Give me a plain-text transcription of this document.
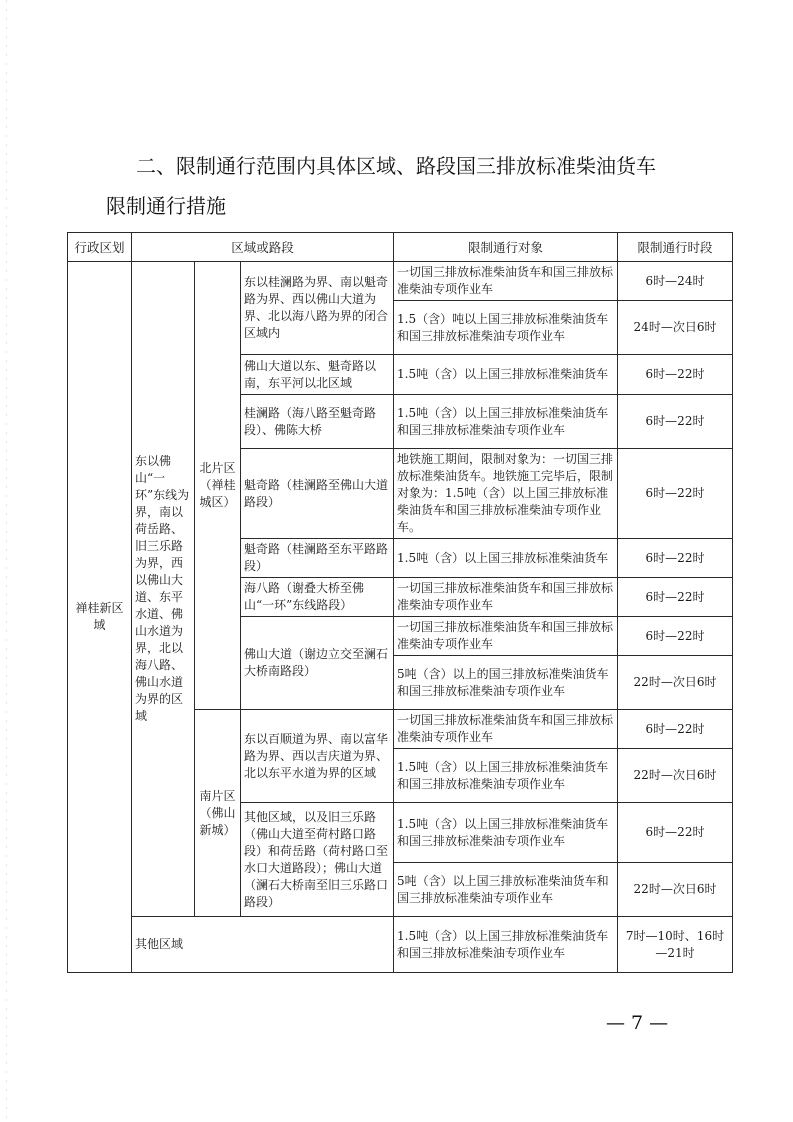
二、限制通行范围内具体区域、路段国三排放标准柴油货车
限制通行措施
行政区划	区域或路段			限制通行对象	限制通行时段
禅桂新区域	东以佛山“一环”东线为界，南以荷岳路、旧三乐路为界，西以佛山大道、东平水道、佛山水道为界，北以海八路、佛山水道为界的区域	北片区（禅桂城区）	东以桂澜路为界、南以魁奇路为界、西以佛山大道为界、北以海八路为界的闭合区域内	一切国三排放标准柴油货车和国三排放标准柴油专项作业车	6时—24时
				1.5（含）吨以上国三排放标准柴油货车和国三排放标准柴油专项作业车	24时—次日6时
			佛山大道以东、魁奇路以南，东平河以北区域	1.5吨（含）以上国三排放标准柴油货车	6时—22时
			桂澜路（海八路至魁奇路段）、佛陈大桥	1.5吨（含）以上国三排放标准柴油货车和国三排放标准柴油专项作业车	6时—22时
			魁奇路（桂澜路至佛山大道路段）	地铁施工期间，限制对象为：一切国三排放标准柴油货车。地铁施工完毕后，限制对象为：1.5吨（含）以上国三排放标准柴油货车和国三排放标准柴油专项作业车。	6时—22时
			魁奇路（桂澜路至东平路路段）	1.5吨（含）以上国三排放标准柴油货车	6时—22时
			海八路（谢叠大桥至佛山“一环”东线路段）	一切国三排放标准柴油货车和国三排放标准柴油专项作业车	6时—22时
			佛山大道（谢边立交至澜石大桥南路段）	一切国三排放标准柴油货车和国三排放标准柴油专项作业车	6时—22时
				5吨（含）以上的国三排放标准柴油货车和国三排放标准柴油专项作业车	22时—次日6时
		南片区（佛山新城）	东以百顺道为界、南以富华路为界、西以吉庆道为界、北以东平水道为界的区域	一切国三排放标准柴油货车和国三排放标准柴油专项作业车	6时—22时
				1.5吨（含）以上国三排放标准柴油货车和国三排放标准柴油专项作业车	22时—次日6时
			其他区域，以及旧三乐路（佛山大道至荷村路口路段）和荷岳路（荷村路口至水口大道路段）；佛山大道（澜石大桥南至旧三乐路口路段）	1.5吨（含）以上国三排放标准柴油货车和国三排放标准柴油专项作业车	6时—22时
				5吨（含）以上国三排放标准柴油货车和国三排放标准柴油专项作业车	22时—次日6时
	其他区域			1.5吨（含）以上国三排放标准柴油货车和国三排放标准柴油专项作业车	7时—10时、16时—21时
— 7 —
